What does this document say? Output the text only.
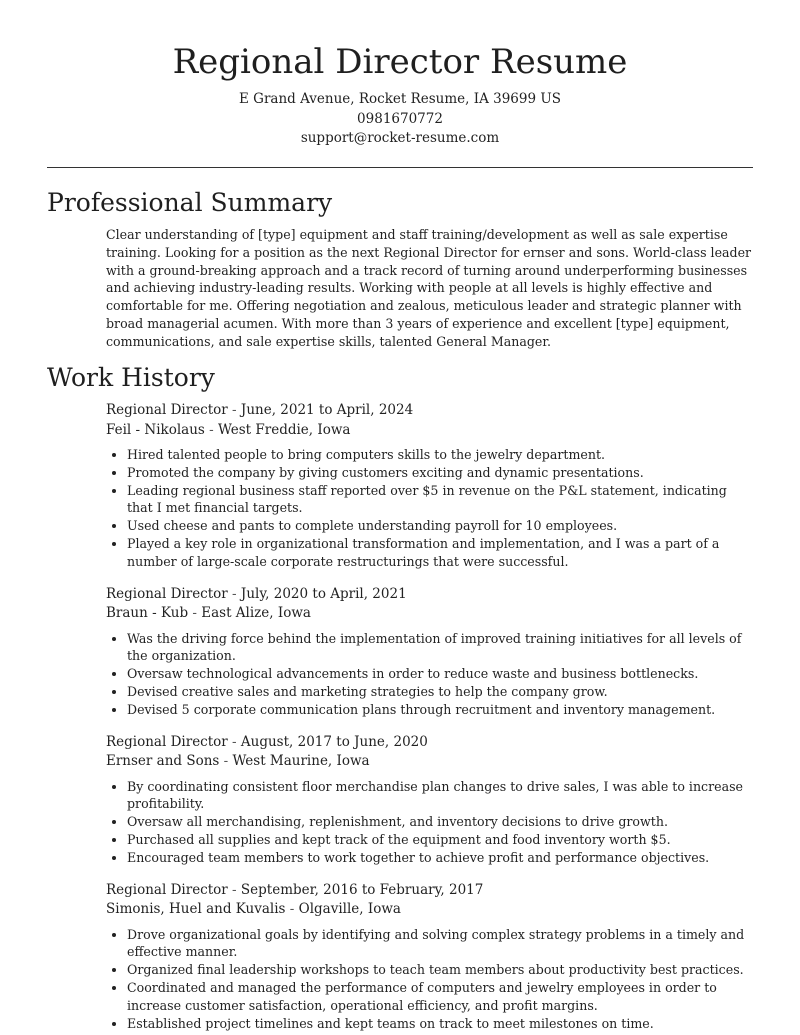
Regional Director Resume
E Grand Avenue, Rocket Resume, IA 39699 US
0981670772
support@rocket-resume.com
Professional Summary

Clear understanding of [type] equipment and staff training/development as well as sale expertise training. Looking for a position as the next Regional Director for ernser and sons. World-class leader with a ground-breaking approach and a track record of turning around underperforming businesses and achieving industry-leading results. Working with people at all levels is highly effective and comfortable for me. Offering negotiation and zealous, meticulous leader and strategic planner with broad managerial acumen. With more than 3 years of experience and excellent [type] equipment, communications, and sale expertise skills, talented General Manager.

Work History

Regional Director - June, 2021 to April, 2024

Feil - Nikolaus - West Freddie, Iowa

• Hired talented people to bring computers skills to the jewelry department.
• Promoted the company by giving customers exciting and dynamic presentations.
• Leading regional business staff reported over $5 in revenue on the P&L statement, indicating that I met financial targets.
• Used cheese and pants to complete understanding payroll for 10 employees.
• Played a key role in organizational transformation and implementation, and I was a part of a number of large-scale corporate restructurings that were successful.

Regional Director - July, 2020 to April, 2021

Braun - Kub - East Alize, Iowa

• Was the driving force behind the implementation of improved training initiatives for all levels of the organization.
• Oversaw technological advancements in order to reduce waste and business bottlenecks.
• Devised creative sales and marketing strategies to help the company grow.
• Devised 5 corporate communication plans through recruitment and inventory management.

Regional Director - August, 2017 to June, 2020

Ernser and Sons - West Maurine, Iowa

• By coordinating consistent floor merchandise plan changes to drive sales, I was able to increase profitability.
• Oversaw all merchandising, replenishment, and inventory decisions to drive growth.
• Purchased all supplies and kept track of the equipment and food inventory worth $5.
• Encouraged team members to work together to achieve profit and performance objectives.

Regional Director - September, 2016 to February, 2017

Simonis, Huel and Kuvalis - Olgaville, Iowa

• Drove organizational goals by identifying and solving complex strategy problems in a timely and effective manner.
• Organized final leadership workshops to teach team members about productivity best practices.
• Coordinated and managed the performance of computers and jewelry employees in order to increase customer satisfaction, operational efficiency, and profit margins.
• Established project timelines and kept teams on track to meet milestones on time.
